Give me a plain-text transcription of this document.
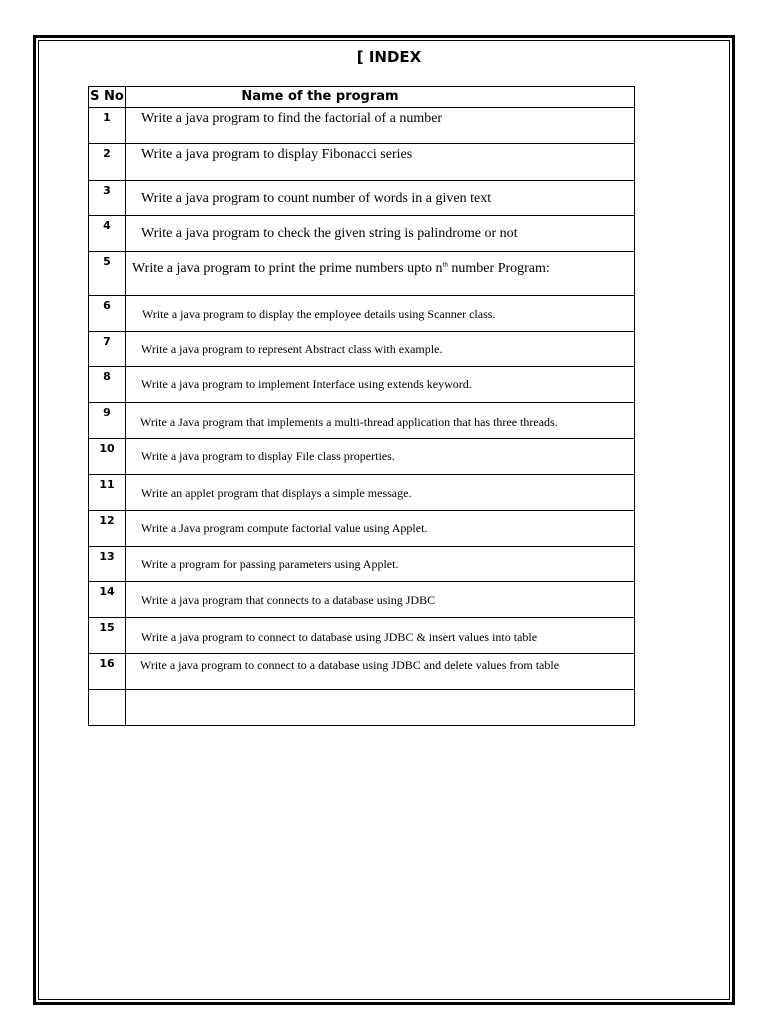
[ INDEX
S No	Name of the program
1	Write a java program to find the factorial of a number
2	Write a java program to display Fibonacci series
3	Write a java program to count number of words in a given text
4	Write a java program to check the given string is palindrome or not
5	Write a java program to print the prime numbers upto $n^{th}$ number Program:
6	Write a java program to display the employee details using Scanner class.
7	Write a java program to represent Abstract class with example.
8	Write a java program to implement Interface using extends keyword.
9	Write a Java program that implements a multi-thread application that has three threads.
10	Write a java program to display File class properties.
11	Write an applet program that displays a simple message.
12	Write a Java program compute factorial value using Applet.
13	Write a program for passing parameters using Applet.
14	Write a java program that connects to a database using JDBC
15	Write a java program to connect to database using JDBC & insert values into table
16	Write a java program to connect to a database using JDBC and delete values from table
